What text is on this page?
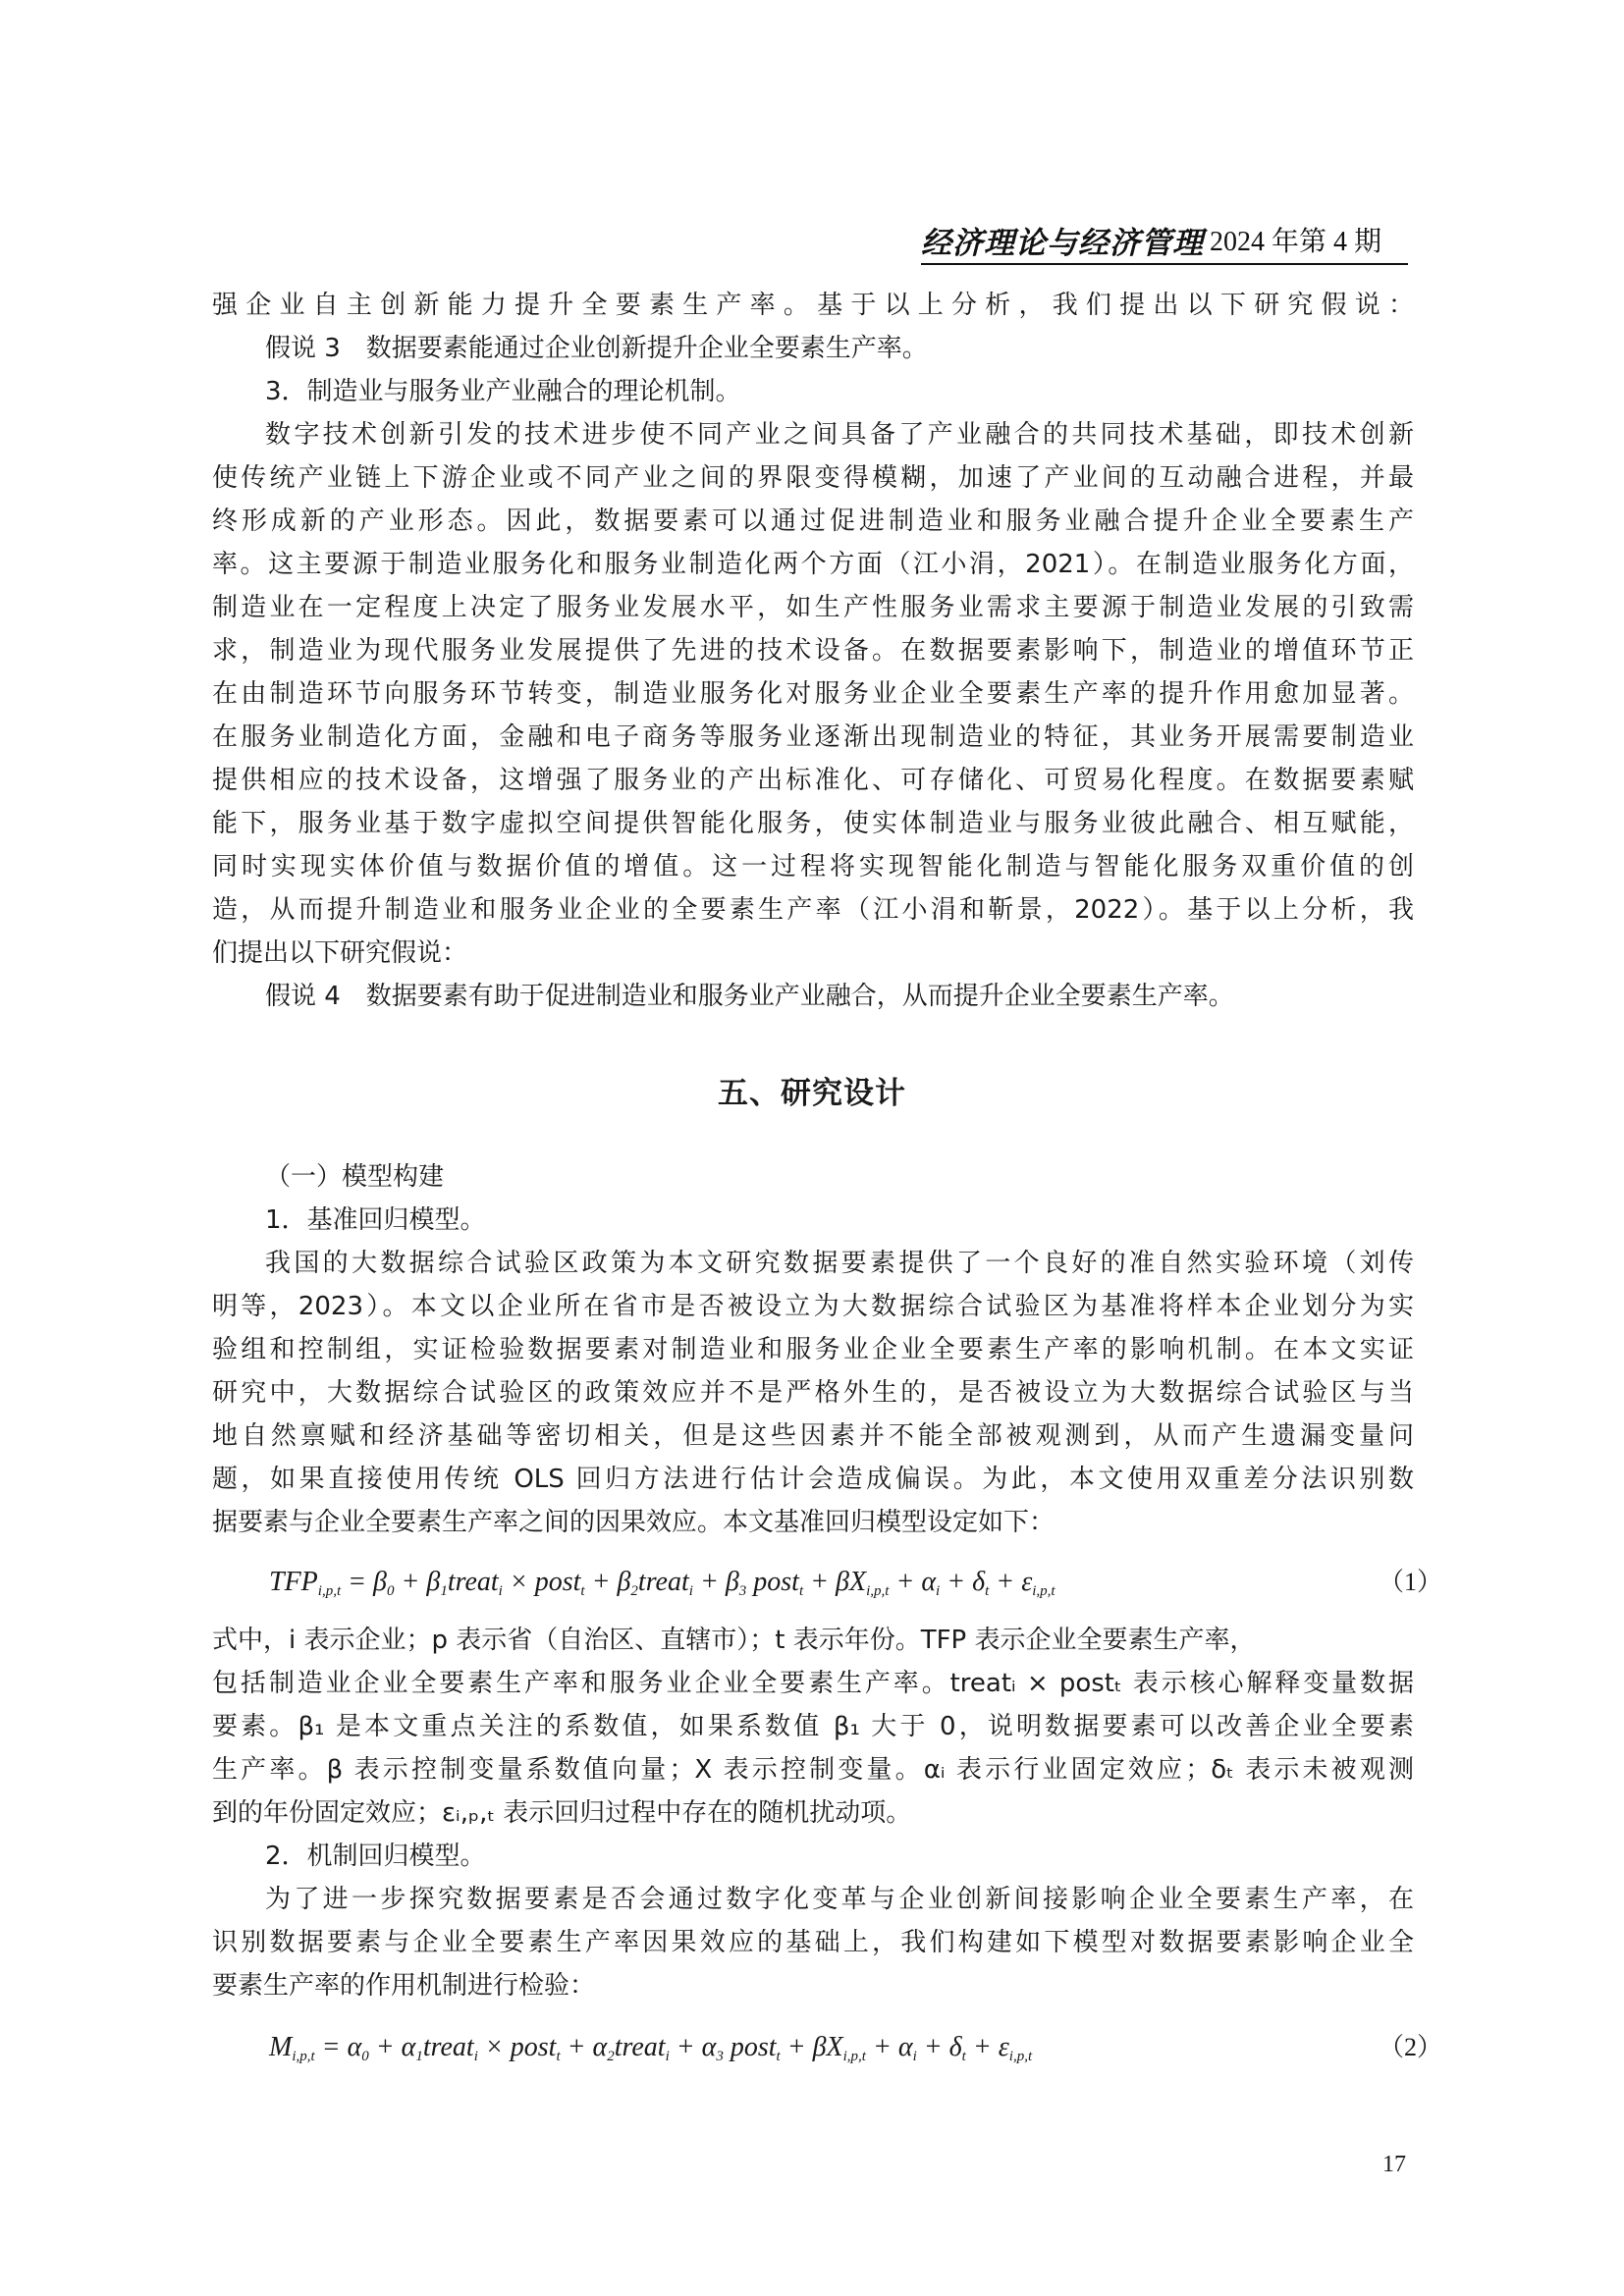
经济理论与经济管理 2024 年第 4 期
强企业自主创新能力提升全要素生产率。基于以上分析，我们提出以下研究假说：
假说 3　数据要素能通过企业创新提升企业全要素生产率。
3．制造业与服务业产业融合的理论机制。
数字技术创新引发的技术进步使不同产业之间具备了产业融合的共同技术基础，即技术创新
使传统产业链上下游企业或不同产业之间的界限变得模糊，加速了产业间的互动融合进程，并最
终形成新的产业形态。因此，数据要素可以通过促进制造业和服务业融合提升企业全要素生产
率。这主要源于制造业服务化和服务业制造化两个方面（江小涓，2021）。在制造业服务化方面，
制造业在一定程度上决定了服务业发展水平，如生产性服务业需求主要源于制造业发展的引致需
求，制造业为现代服务业发展提供了先进的技术设备。在数据要素影响下，制造业的增值环节正
在由制造环节向服务环节转变，制造业服务化对服务业企业全要素生产率的提升作用愈加显著。
在服务业制造化方面，金融和电子商务等服务业逐渐出现制造业的特征，其业务开展需要制造业
提供相应的技术设备，这增强了服务业的产出标准化、可存储化、可贸易化程度。在数据要素赋
能下，服务业基于数字虚拟空间提供智能化服务，使实体制造业与服务业彼此融合、相互赋能，
同时实现实体价值与数据价值的增值。这一过程将实现智能化制造与智能化服务双重价值的创
造，从而提升制造业和服务业企业的全要素生产率（江小涓和靳景，2022）。基于以上分析，我
们提出以下研究假说：
假说 4　数据要素有助于促进制造业和服务业产业融合，从而提升企业全要素生产率。
五、研究设计
（一）模型构建
1．基准回归模型。
我国的大数据综合试验区政策为本文研究数据要素提供了一个良好的准自然实验环境（刘传
明等，2023）。本文以企业所在省市是否被设立为大数据综合试验区为基准将样本企业划分为实
验组和控制组，实证检验数据要素对制造业和服务业企业全要素生产率的影响机制。在本文实证
研究中，大数据综合试验区的政策效应并不是严格外生的，是否被设立为大数据综合试验区与当
地自然禀赋和经济基础等密切相关，但是这些因素并不能全部被观测到，从而产生遗漏变量问
题，如果直接使用传统 OLS 回归方法进行估计会造成偏误。为此，本文使用双重差分法识别数
据要素与企业全要素生产率之间的因果效应。本文基准回归模型设定如下：
$TFP_{i,p,t} = \beta_0$ + $\beta_1treat_i$ × post$_t$ + $\beta_2treat_i + \beta_3$ post$_t$ + $\beta X_{i,p,t} + \alpha_i + \delta_t + \varepsilon_{i,p,t}$	（1）
式中，i 表示企业；p 表示省（自治区、直辖市）；t 表示年份。TFP 表示企业全要素生产率，
包括制造业企业全要素生产率和服务业企业全要素生产率。treatᵢ × postₜ 表示核心解释变量数据
要素。β₁ 是本文重点关注的系数值，如果系数值 β₁ 大于 0，说明数据要素可以改善企业全要素
生产率。β 表示控制变量系数值向量；X 表示控制变量。αᵢ 表示行业固定效应；δₜ 表示未被观测
到的年份固定效应；εᵢ,ₚ,ₜ 表示回归过程中存在的随机扰动项。
2．机制回归模型。
为了进一步探究数据要素是否会通过数字化变革与企业创新间接影响企业全要素生产率，在
识别数据要素与企业全要素生产率因果效应的基础上，我们构建如下模型对数据要素影响企业全
要素生产率的作用机制进行检验：
$M_{i,p,t} = \alpha_0$ + $\alpha_1treat_i$ × post$_t$ + $\alpha_2treat_i + \alpha_3$ post$_t$ + $\beta X_{i,p,t} + \alpha_i + \delta_t + \varepsilon_{i,p,t}$	（2）
17
